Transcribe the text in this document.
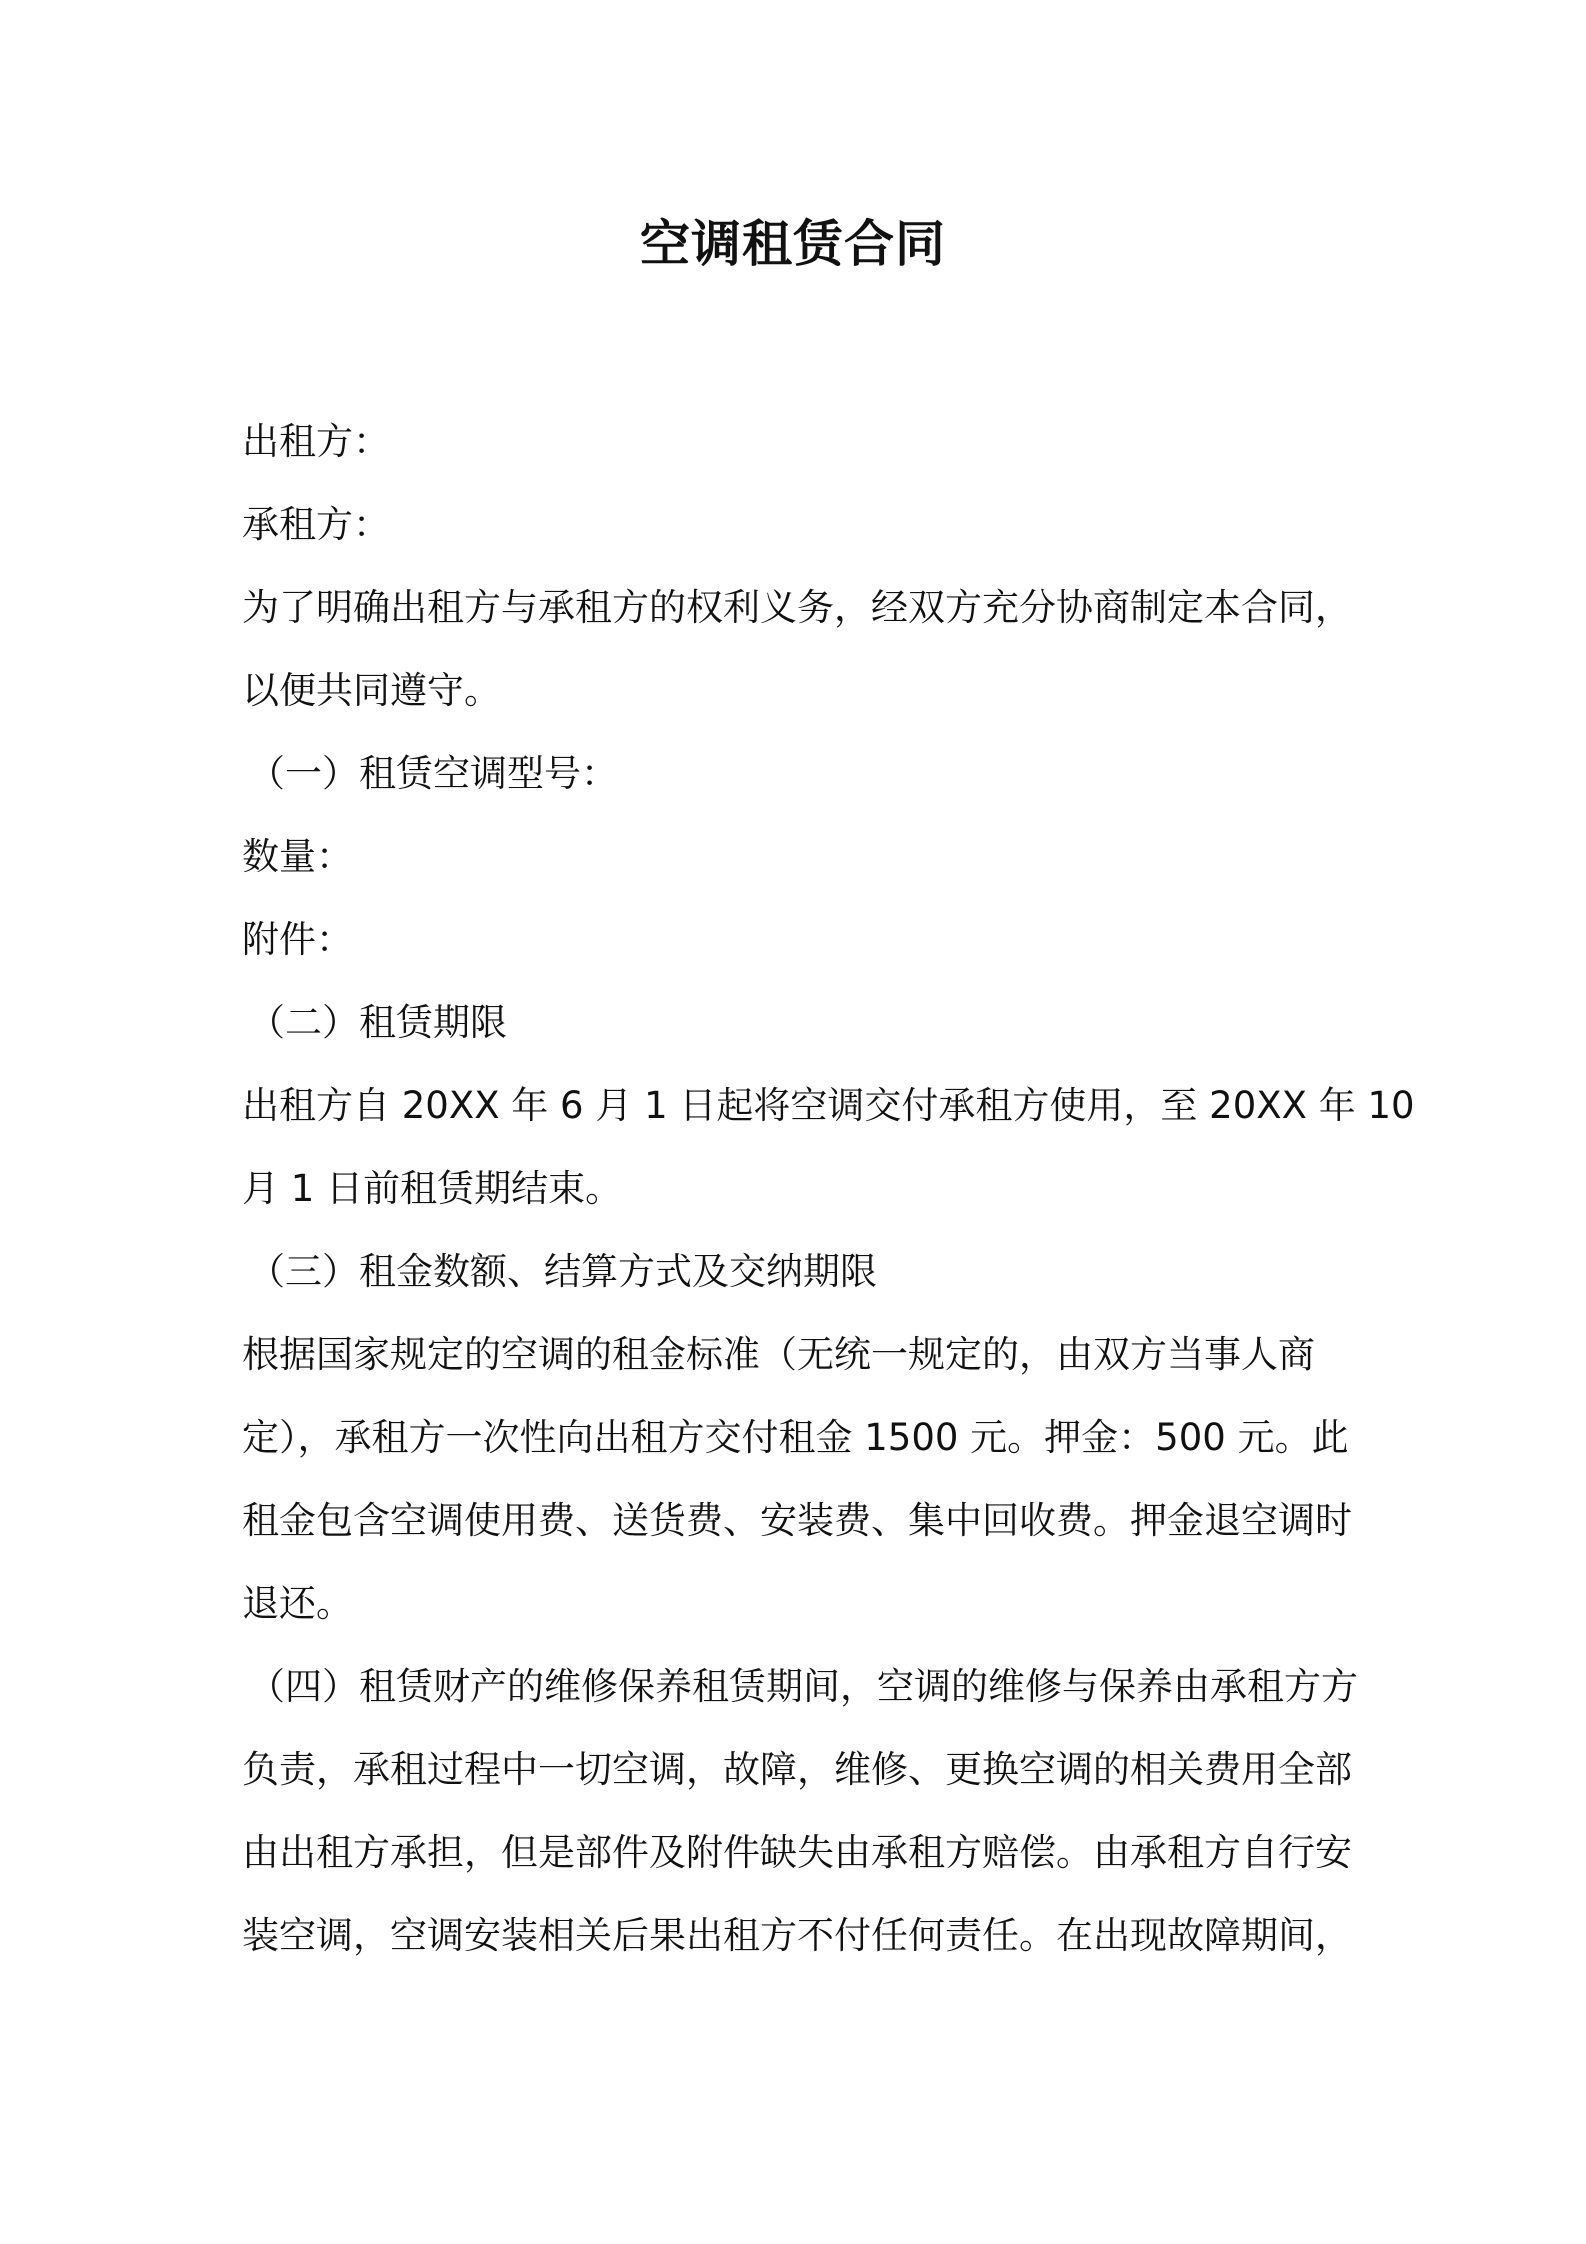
空调租赁合同
出租方：
承租方：
为了明确出租方与承租方的权利义务，经双方充分协商制定本合同，
以便共同遵守。
（一）租赁空调型号：
数量：
附件：
（二）租赁期限
出租方自 20XX 年 6 月 1 日起将空调交付承租方使用，至 20XX 年 10
月 1 日前租赁期结束。
（三）租金数额、结算方式及交纳期限
根据国家规定的空调的租金标准（无统一规定的，由双方当事人商
定），承租方一次性向出租方交付租金 1500 元。押金：500 元。此
租金包含空调使用费、送货费、安装费、集中回收费。押金退空调时
退还。
（四）租赁财产的维修保养租赁期间，空调的维修与保养由承租方方
负责，承租过程中一切空调，故障，维修、更换空调的相关费用全部
由出租方承担，但是部件及附件缺失由承租方赔偿。由承租方自行安
装空调，空调安装相关后果出租方不付任何责任。在出现故障期间，
